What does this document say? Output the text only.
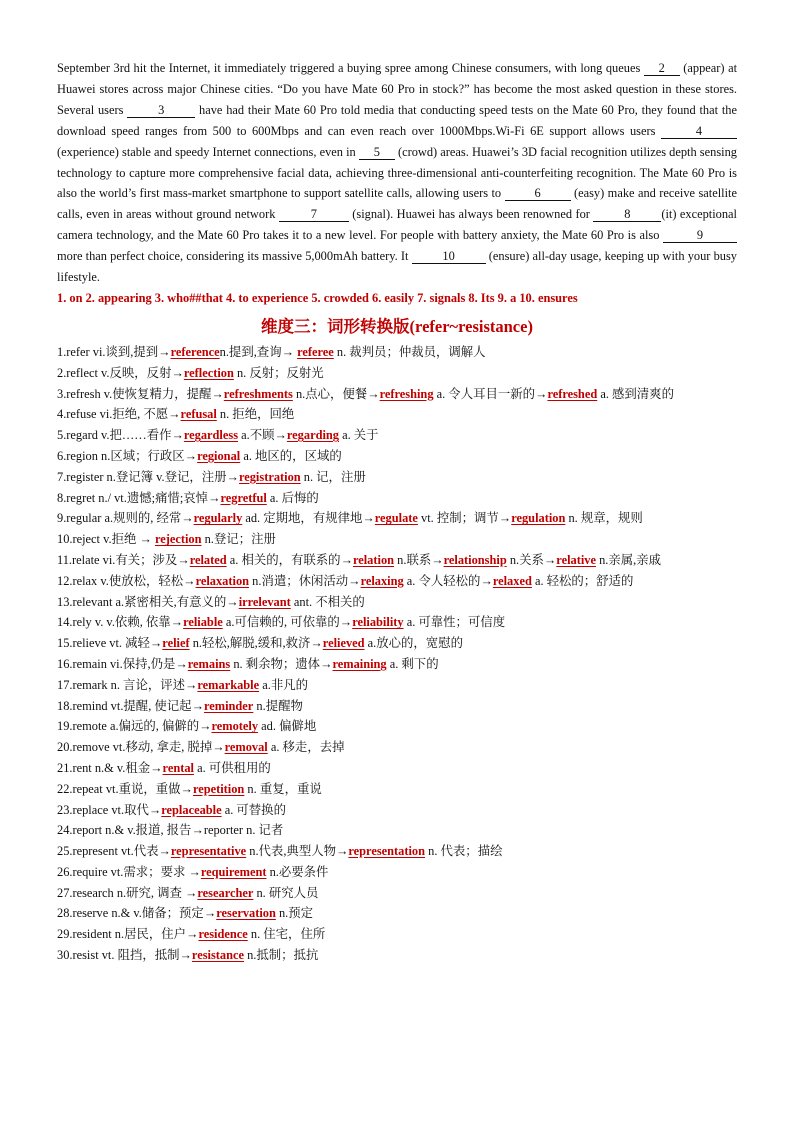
September 3rd hit the Internet, it immediately triggered a buying spree among Chinese consumers, with long queues 2 (appear) at Huawei stores across major Chinese cities. “Do you have Mate 60 Pro in stock?” has become the most asked question in these stores. Several users 3 have had their Mate 60 Pro told media that conducting speed tests on the Mate 60 Pro, they found that the download speed ranges from 500 to 600Mbps and can even reach over 1000Mbps.Wi-Fi 6E support allows users	4 (experience) stable and speedy Internet connections, even in 5 (crowd) areas. Huawei’s 3D facial recognition utilizes depth sensing technology to capture more comprehensive facial data, achieving three-dimensional anti-counterfeiting recognition. The Mate 60 Pro is also the world’s first mass-market smartphone to support satellite calls, allowing users to 6 (easy) make and receive satellite calls, even in areas without ground network	7	(signal). Huawei has always been renowned for 8 (it) exceptional camera technology, and the Mate 60 Pro takes it to a new level. For people with battery anxiety, the Mate 60 Pro is also	9 more than perfect choice, considering its massive 5,000mAh battery. It 10 (ensure) all-day usage, keeping up with your busy lifestyle.

1. on 2. appearing 3. who##that 4. to experience 5. crowded 6. easily 7. signals 8. Its 9. a 10. ensures

维度三：词形转换版(refer~resistance)

1.refer vi.谈到,提到→referencen.提到,查询→ referee n. 裁判员；仲裁员，调解人

2.reflect v.反映，反射→reflection n. 反射；反射光

3.refresh v.使恢复精力，提醒→refreshments n.点心，便餐→refreshing a. 令人耳目一新的→refreshed a. 感到清爽的

4.refuse vi.拒绝, 不愿→refusal n. 拒绝，回绝

5.regard v.把……看作→regardless a.不顾→regarding a. 关于

6.region n.区域；行政区→regional a. 地区的，区域的

7.register n.登记簿 v.登记，注册→registration n. 记，注册

8.regret n./ vt.遗憾;痛惜;哀悼→regretful a. 后悔的

9.regular a.规则的, 经常→regularly ad. 定期地，有规律地→regulate vt. 控制；调节→regulation n. 规章，规则

10.reject v.拒绝 → rejection n.登记；注册

11.relate vi.有关；涉及→related a. 相关的，有联系的→relation n.联系→relationship n.关系→relative n.亲属,亲戚

12.relax v.使放松，轻松→relaxation n.消遣；休闲活动→relaxing a. 令人轻松的→relaxed a. 轻松的；舒适的

13.relevant a.紧密相关,有意义的→irrelevant ant. 不相关的

14.rely v. v.依赖, 依靠→reliable a.可信赖的, 可依靠的→reliability a. 可靠性；可信度

15.relieve vt. 减轻→relief n.轻松,解脱,缓和,救济→relieved a.放心的，宽慰的

16.remain vi.保持,仍是→remains n. 剩余物；遗体→remaining a. 剩下的

17.remark n. 言论，评述→remarkable a.非凡的

18.remind vt.提醒, 使记起→reminder n.提醒物

19.remote a.偏远的, 偏僻的→remotely ad. 偏僻地

20.remove vt.移动, 拿走, 脱掉→removal a. 移走，去掉

21.rent n.& v.租金→rental a. 可供租用的

22.repeat vt.重说，重做→repetition n. 重复，重说

23.replace vt.取代→replaceable a. 可替换的

24.report n.& v.报道, 报告→reporter n. 记者

25.represent vt.代表→representative n.代表,典型人物→representation n. 代表；描绘

26.require vt.需求；要求 →requirement n.必要条件

27.research n.研究, 调查 →researcher n. 研究人员

28.reserve n.& v.储备；预定→reservation n.预定

29.resident n.居民，住户→residence n. 住宅，住所

30.resist vt. 阻挡，抵制→resistance n.抵制；抵抗
